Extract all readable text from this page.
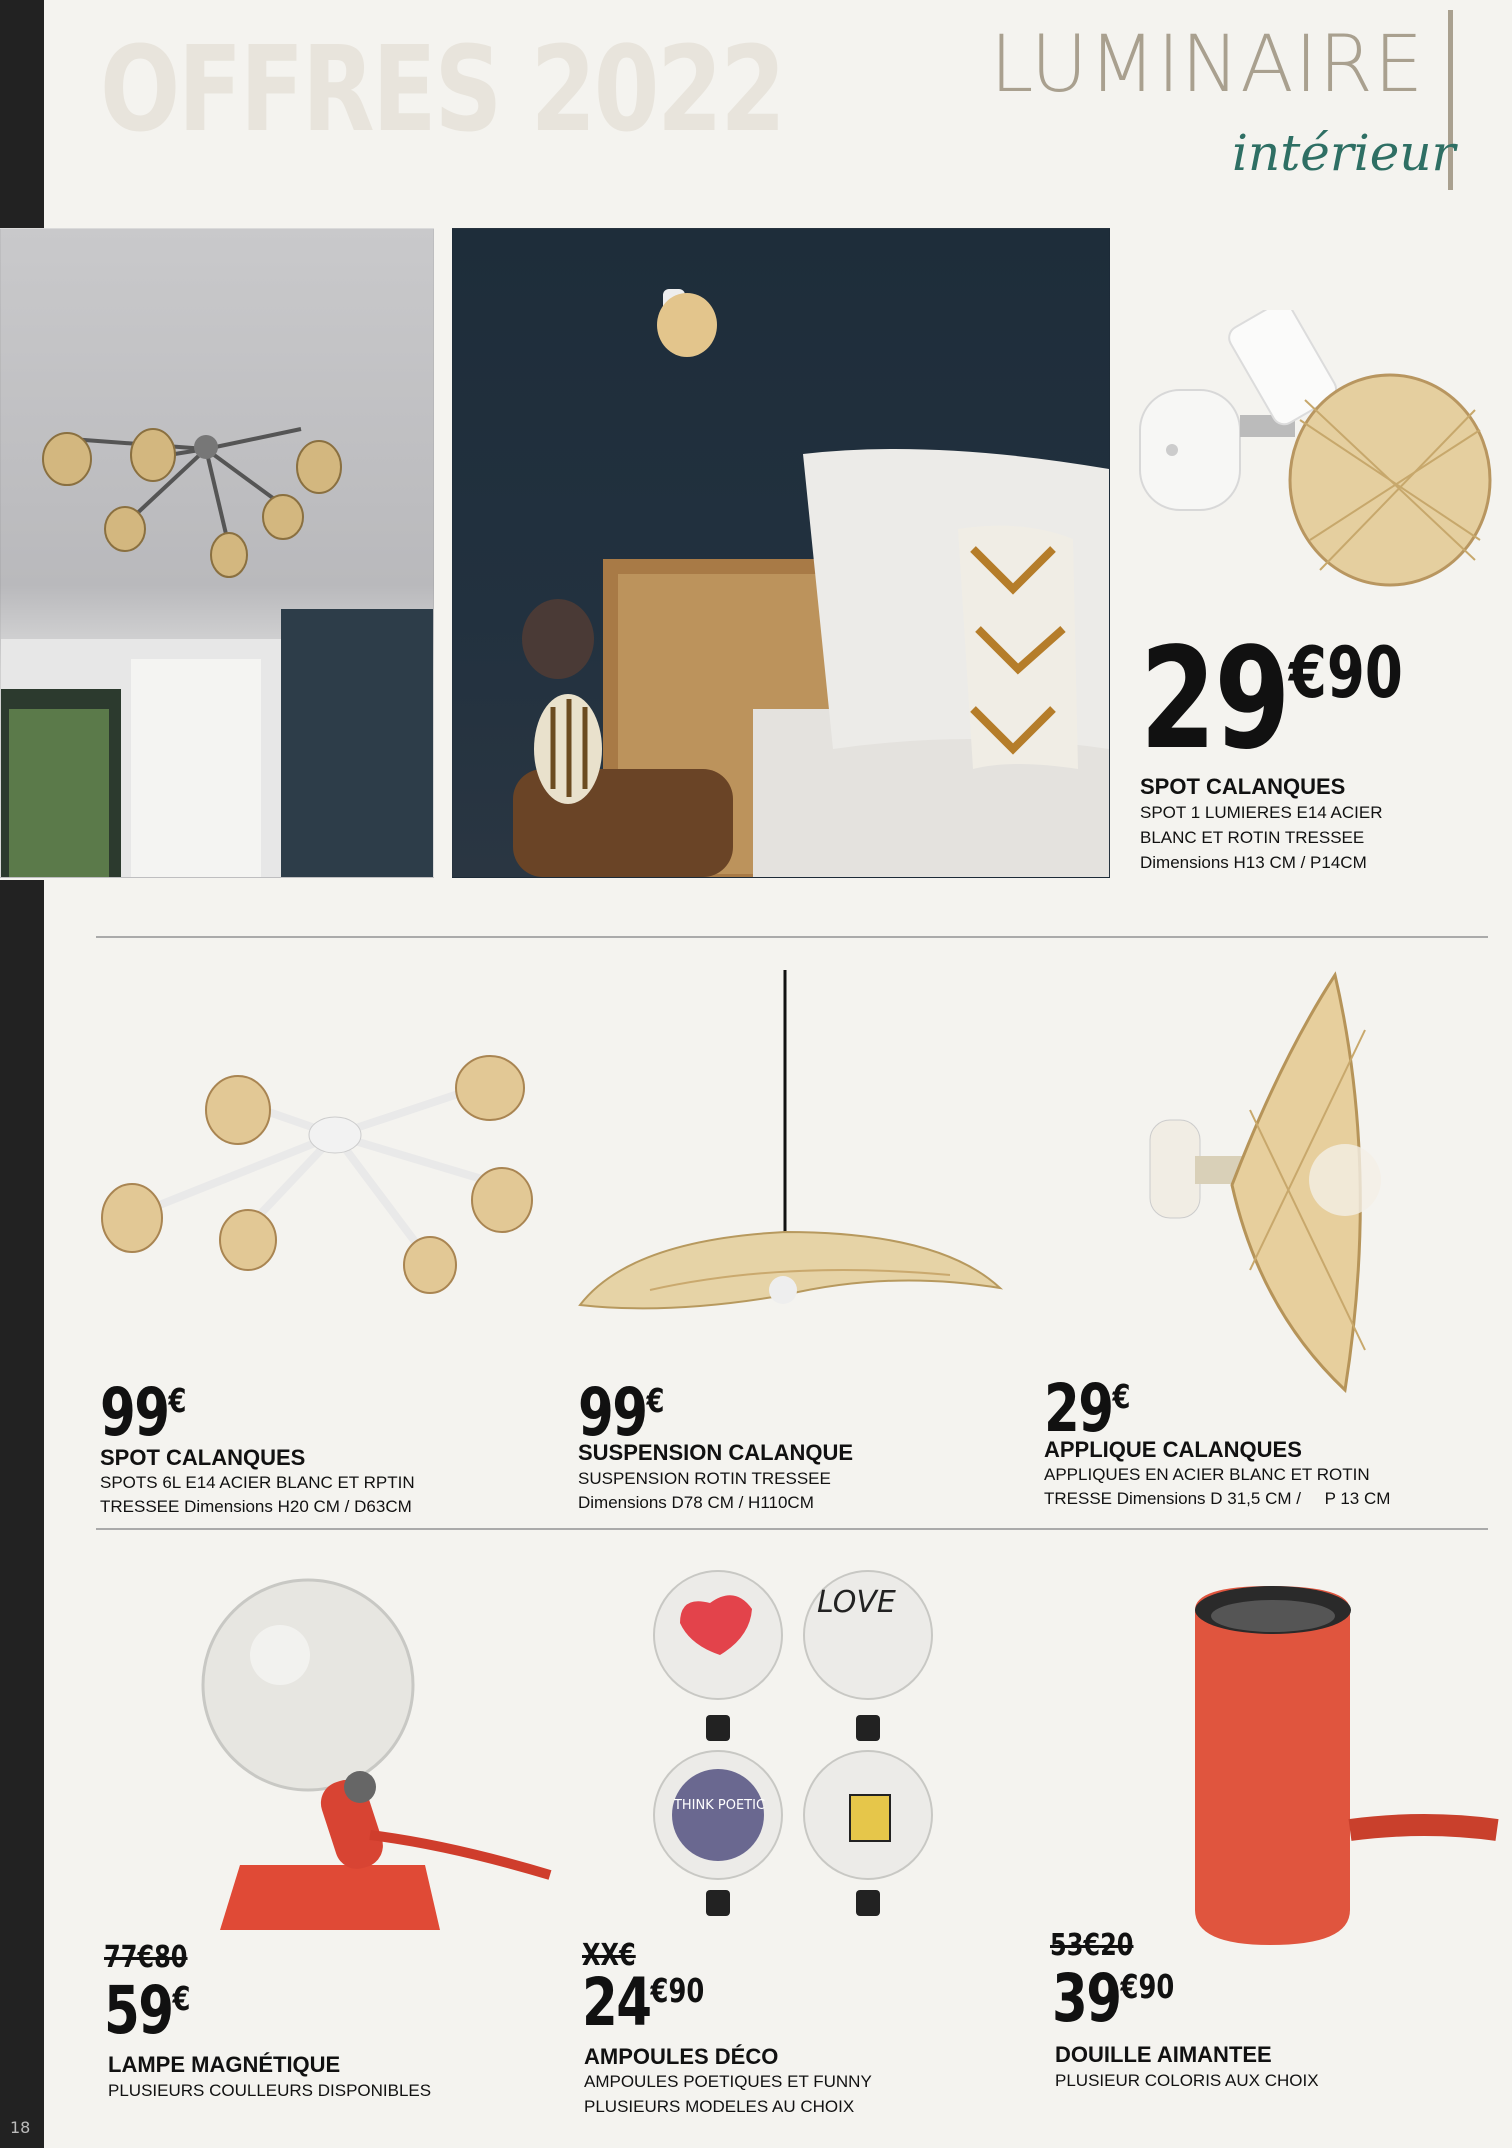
18
OFFRES 2022	LUMINAIRE
intérieur
$29^{€90}$
SPOT CALANQUES
SPOT 1 LUMIERES E14 ACIER
BLANC ET ROTIN TRESSEE
Dimensions H13 CM / P14CM
99€
SPOT CALANQUES
SPOTS 6L E14 ACIER BLANC ET RPTIN
TRESSEE Dimensions H20 CM / D63CM
99€
SUSPENSION CALANQUE
SUSPENSION ROTIN TRESSEE
Dimensions D78 CM / H110CM
29€
APPLIQUE CALANQUES
APPLIQUES EN ACIER BLANC ET ROTIN
TRESSE Dimensions D 31,5 CM /     P 13 CM
77€80
59€
LAMPE MAGNÉTIQUE
PLUSIEURS COULLEURS DISPONIBLES
LOVE
THINK POETIC
XX€
$24^{€90}$
AMPOULES DÉCO
AMPOULES POETIQUES ET FUNNY
PLUSIEURS MODELES AU CHOIX
53€20
$39^{€90}$
DOUILLE AIMANTEE
PLUSIEUR COLORIS AUX CHOIX
